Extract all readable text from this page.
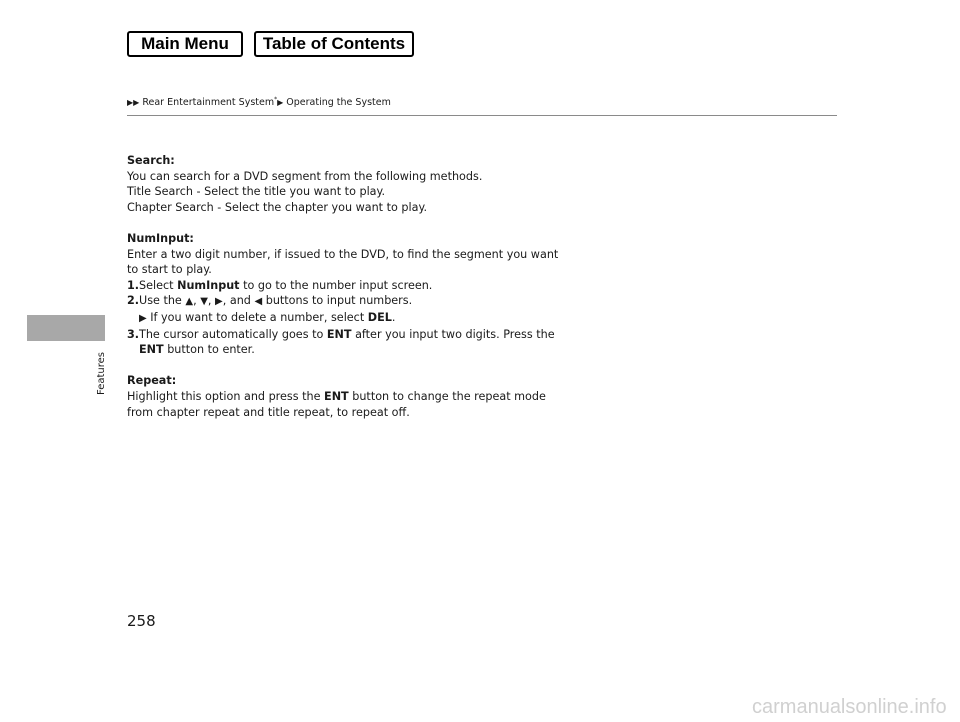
Main Menu	Table of Contents
▶▶ Rear Entertainment System*▶ Operating the System
Features

Search:

You can search for a DVD segment from the following methods.

Title Search - Select the title you want to play.

Chapter Search - Select the chapter you want to play.

NumInput:

Enter a two digit number, if issued to the DVD, to find the segment you want to start to play.

1. Select NumInput to go to the number input screen.

2. Use the ▲, ▼, ▶, and ◀ buttons to input numbers.

▶ If you want to delete a number, select DEL.

3. The cursor automatically goes to ENT after you input two digits. Press the ENT button to enter.

Repeat:

Highlight this option and press the ENT button to change the repeat mode from chapter repeat and title repeat, to repeat off.

258
carmanualsonline.info
